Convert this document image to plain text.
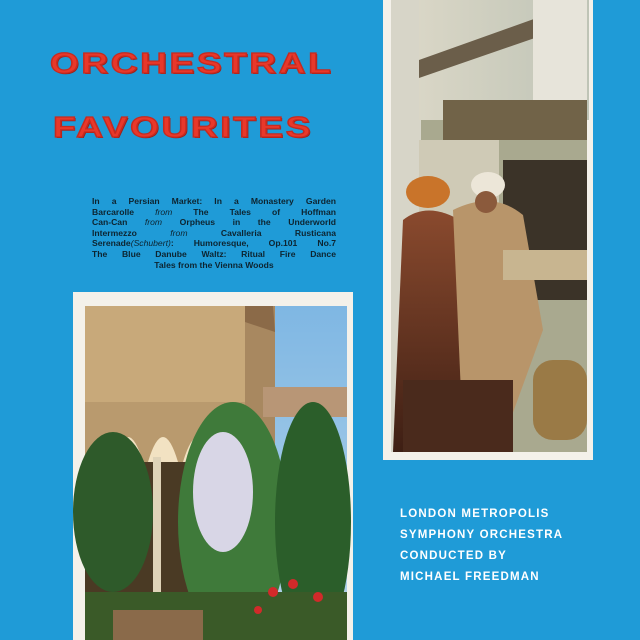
ORCHESTRAL
FAVOURITES
In a Persian Market: In a Monastery Garden
Barcarolle from The Tales of Hoffman
Can-Can from Orpheus in the Underworld
Intermezzo from Cavalleria Rusticana
Serenade(Schubert): Humoresque, Op.101 No.7
The Blue Danube Waltz: Ritual Fire Dance
Tales from the Vienna Woods
LONDON METROPOLIS
SYMPHONY ORCHESTRA
CONDUCTED BY
MICHAEL FREEDMAN
